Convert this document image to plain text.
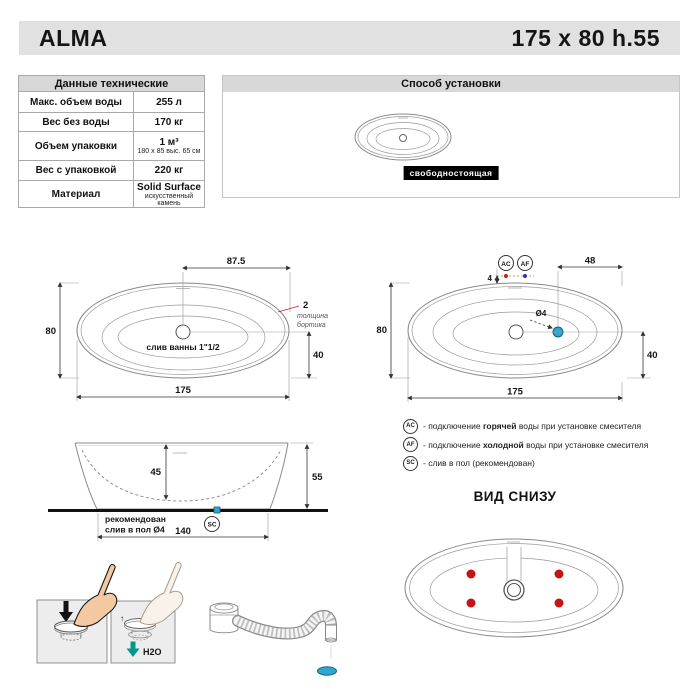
ALMA	175 x 80 h.55
Данные технические	
Макс. объем воды	255 л
Вес без воды	170 кг
Объем упаковки	1 м³
180 x 85 выс. 65 см

Вес с упаковкой	220 кг
Материал	Solid Surface
искусственный камень
Способ установки
свободностоящая
87.5
80
175
40
слив ванны 1"1/2
2
толщина
бортика
AC AF
4
48
Ø4
80
40
175
AC - подключение горячей воды при установке смесителя
AF	- подключение холодной воды при установке смесителя
SC - слив в пол (рекомендован)
45	55
рекомендован
слив в пол Ø4	SC
140
ВИД СНИЗУ
↑
H2O
